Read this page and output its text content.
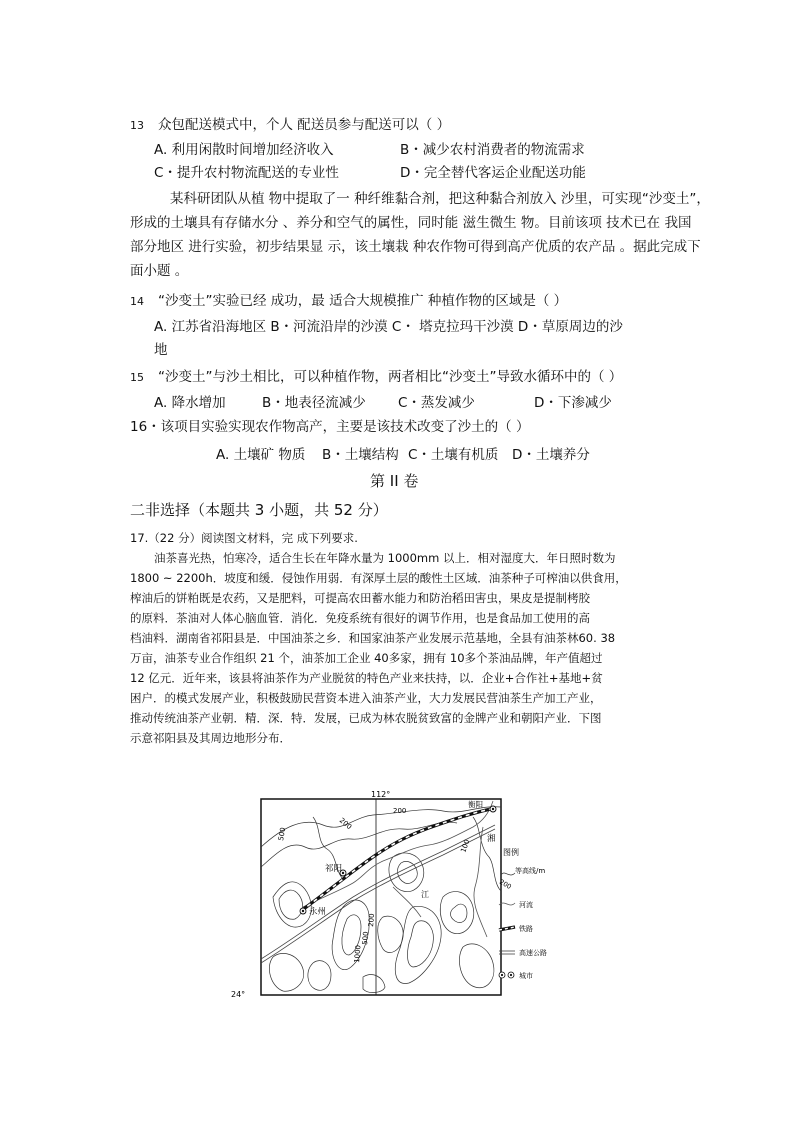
13 众包配送模式中，个人 配送员参与配送可以（ ）
A. 利用闲散时间增加经济收入	B・减少农村消费者的物流需求
C・提升农村物流配送的专业性	D・完全替代客运企业配送功能
某科研团队从植 物中提取了一 种纤维黏合剂，把这种黏合剂放入 沙里，可实现“沙变土”，
形成的土壤具有存储水分 、养分和空气的属性，同时能 滋生微生 物。目前该项 技术已在 我国
部分地区 进行实验，初步结果显 示，该土壤栽 种农作物可得到高产优质的农产品 。据此完成下
面小题 。
14 “沙变土”实验已经 成功，最 适合大规模推广 种植作物的区域是（ ）
A. 江苏省沿海地区 B・河流沿岸的沙漠 C・ 塔克拉玛干沙漠 D・草原周边的沙
地
15 “沙变土”与沙土相比，可以种植作物，两者相比“沙变土”导致水循环中的（ ）
A. 降水增加	B・地表径流减少 C・蒸发减少	D・下渗减少
16・该项目实验实现农作物高产，主要是该技术改变了沙土的（ ）
A. 土壤矿 物质 B・土壤结构 C・土壤有机质 D・土壤养分
第 II 卷
二非选择（本题共 3 小题，共 52 分）
17.（22 分）阅读图文材料，完 成下列要求.
油茶喜光热，怕寒冷，适合生长在年降水量为 1000mm 以上．相对湿度大．年日照时数为
1800 ~ 2200h．坡度和缓．侵蚀作用弱．有深厚土层的酸性土区域．油茶种子可榨油以供食用，
榨油后的饼粕既是农药，又是肥料，可提高农田蓄水能力和防治稻田害虫，果皮是提制栲胶
的原料．茶油对人体心脑血管．消化．免疫系统有很好的调节作用，也是食品加工使用的高
档油料．湖南省祁阳县是．中国油茶之乡．和国家油茶产业发展示范基地，全县有油茶林60. 38
万亩，油茶专业合作组织 21 个，油茶加工企业 40多家，拥有 10多个茶油品牌，年产值超过
12 亿元．近年来，该县将油茶作为产业脱贫的特色产业来扶持，以．企业+合作社+基地+贫
困户．的模式发展产业，积极鼓励民营资本进入油茶产业，大力发展民营油茶生产加工产业，
推动传统油茶产业朝．精．深．特．发展，已成为林农脱贫致富的金牌产业和朝阳产业．下图
示意祁阳县及其周边地形分布．
112°
24°
祁阳
永州
衡阳
湘
江
500
200
100
200
1000
500
200
图例
200
等高线/m
河流
铁路
高速公路
城市
